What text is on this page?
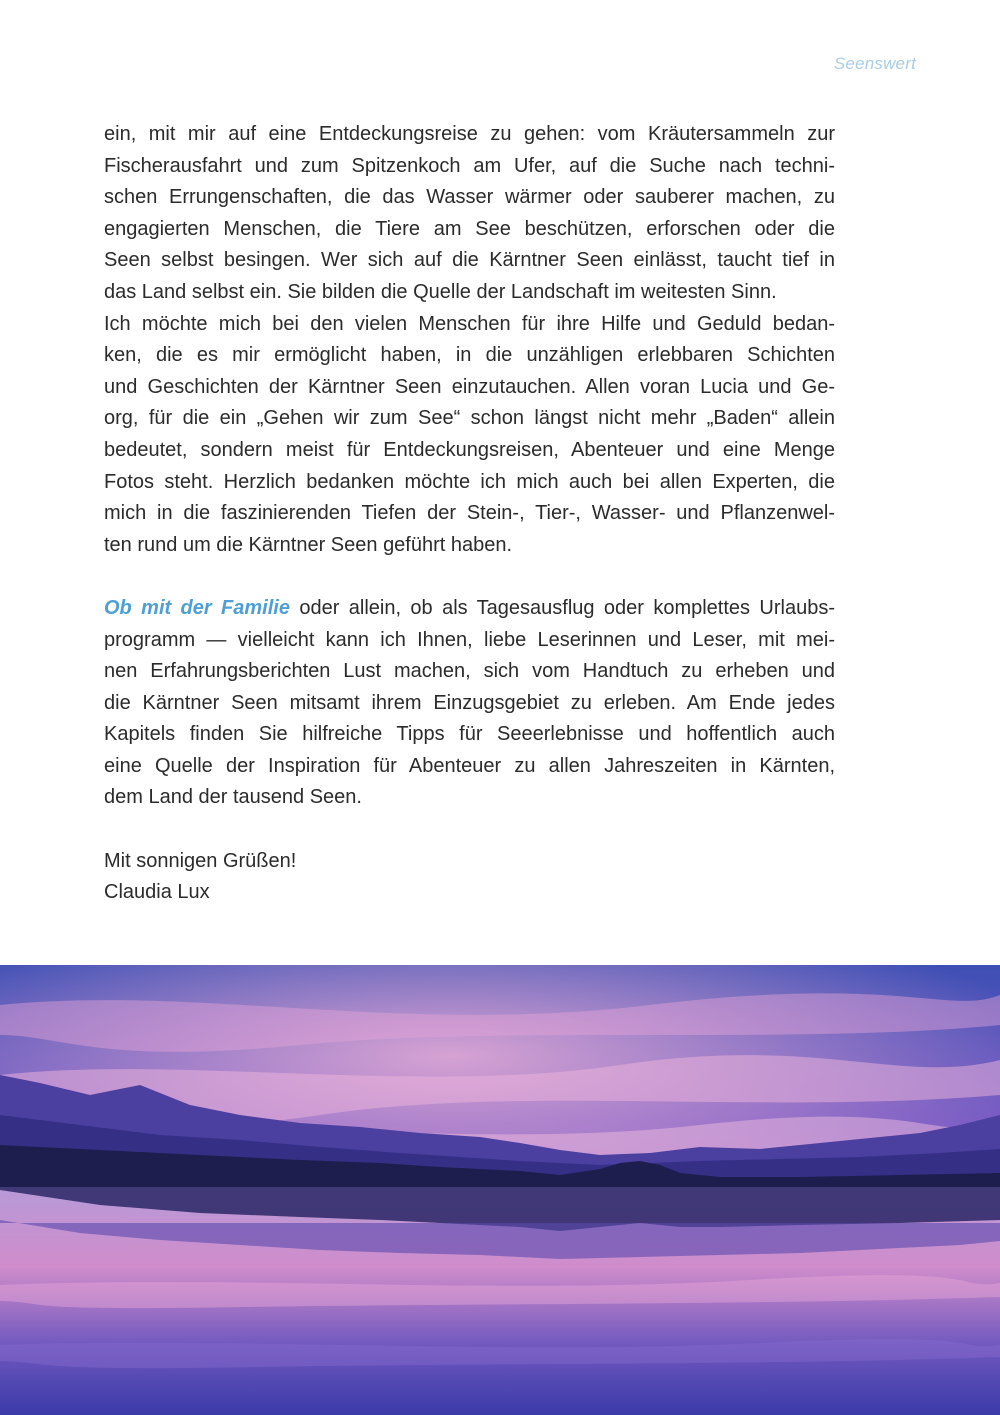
Seenswert
ein, mit mir auf eine Entdeckungsreise zu gehen: vom Kräutersammeln zur
Fischerausfahrt und zum Spitzenkoch am Ufer, auf die Suche nach techni-
schen Errungenschaften, die das Wasser wärmer oder sauberer machen, zu
engagierten Menschen, die Tiere am See beschützen, erforschen oder die
Seen selbst besingen. Wer sich auf die Kärntner Seen einlässt, taucht tief in
das Land selbst ein. Sie bilden die Quelle der Landschaft im weitesten Sinn.
Ich möchte mich bei den vielen Menschen für ihre Hilfe und Geduld bedan-
ken, die es mir ermöglicht haben, in die unzähligen erlebbaren Schichten
und Geschichten der Kärntner Seen einzutauchen. Allen voran Lucia und Ge-
org, für die ein „Gehen wir zum See“ schon längst nicht mehr „Baden“ allein
bedeutet, sondern meist für Entdeckungsreisen, Abenteuer und eine Menge
Fotos steht. Herzlich bedanken möchte ich mich auch bei allen Experten, die
mich in die faszinierenden Tiefen der Stein-, Tier-, Wasser- und Pflanzenwel-
ten rund um die Kärntner Seen geführt haben.
Ob mit der Familie oder allein, ob als Tagesausflug oder komplettes Urlaubs-
programm — vielleicht kann ich Ihnen, liebe Leserinnen und Leser, mit mei-
nen Erfahrungsberichten Lust machen, sich vom Handtuch zu erheben und
die Kärntner Seen mitsamt ihrem Einzugsgebiet zu erleben. Am Ende jedes
Kapitels finden Sie hilfreiche Tipps für Seeerlebnisse und hoffentlich auch
eine Quelle der Inspiration für Abenteuer zu allen Jahreszeiten in Kärnten,
dem Land der tausend Seen.
Mit sonnigen Grüßen!
Claudia Lux
